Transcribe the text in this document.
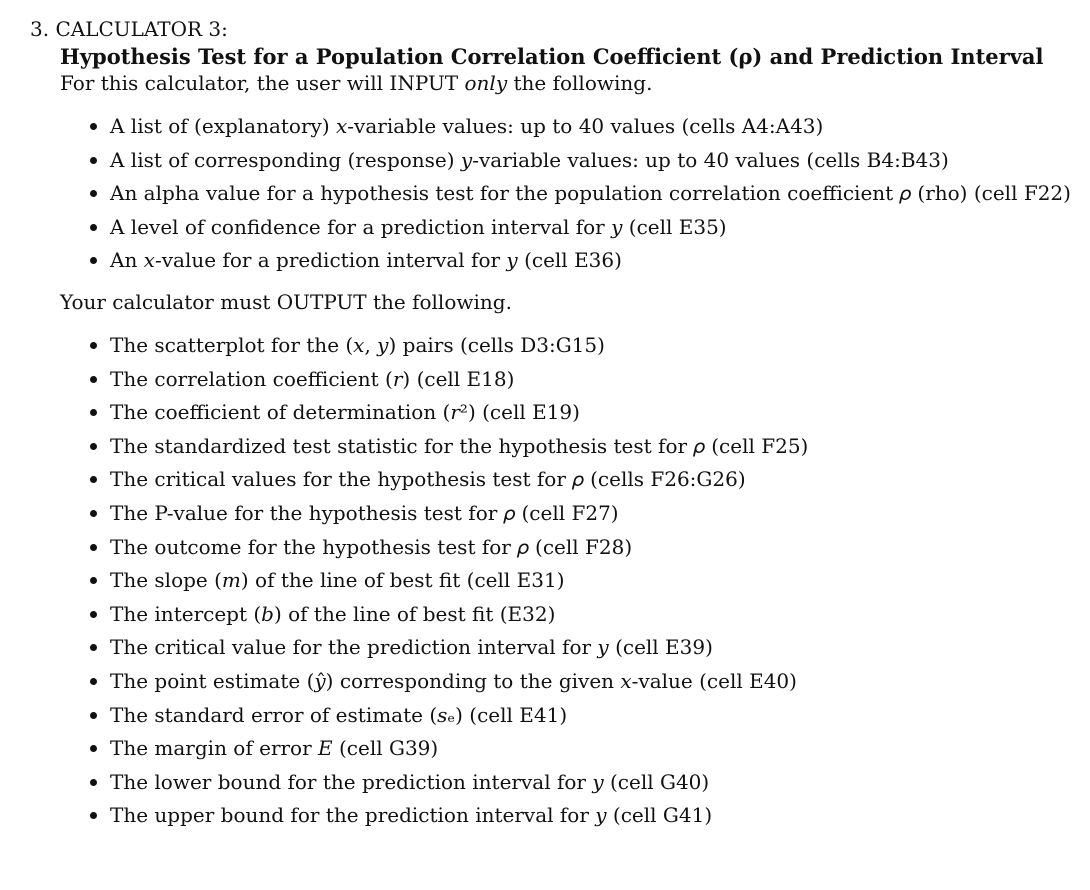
3. CALCULATOR 3:
Hypothesis Test for a Population Correlation Coefficient (ρ) and Prediction Interval
For this calculator, the user will INPUT only the following.
A list of (explanatory) 𝑥-variable values: up to 40 values (cells A4:A43)
A list of corresponding (response) 𝑦-variable values: up to 40 values (cells B4:B43)
An alpha value for a hypothesis test for the population correlation coefficient 𝜌 (rho) (cell F22)
A level of confidence for a prediction interval for 𝑦 (cell E35)
An 𝑥-value for a prediction interval for 𝑦 (cell E36)
Your calculator must OUTPUT the following.
The scatterplot for the (𝑥, 𝑦) pairs (cells D3:G15)
The correlation coefficient (𝑟) (cell E18)
The coefficient of determination (𝑟²) (cell E19)
The standardized test statistic for the hypothesis test for 𝜌 (cell F25)
The critical values for the hypothesis test for 𝜌 (cells F26:G26)
The P-value for the hypothesis test for 𝜌 (cell F27)
The outcome for the hypothesis test for 𝜌 (cell F28)
The slope (𝑚) of the line of best fit (cell E31)
The intercept (𝑏) of the line of best fit (E32)
The critical value for the prediction interval for 𝑦 (cell E39)
The point estimate (𝑦̂) corresponding to the given 𝑥-value (cell E40)
The standard error of estimate (𝑠ₑ) (cell E41)
The margin of error 𝐸 (cell G39)
The lower bound for the prediction interval for 𝑦 (cell G40)
The upper bound for the prediction interval for 𝑦 (cell G41)
